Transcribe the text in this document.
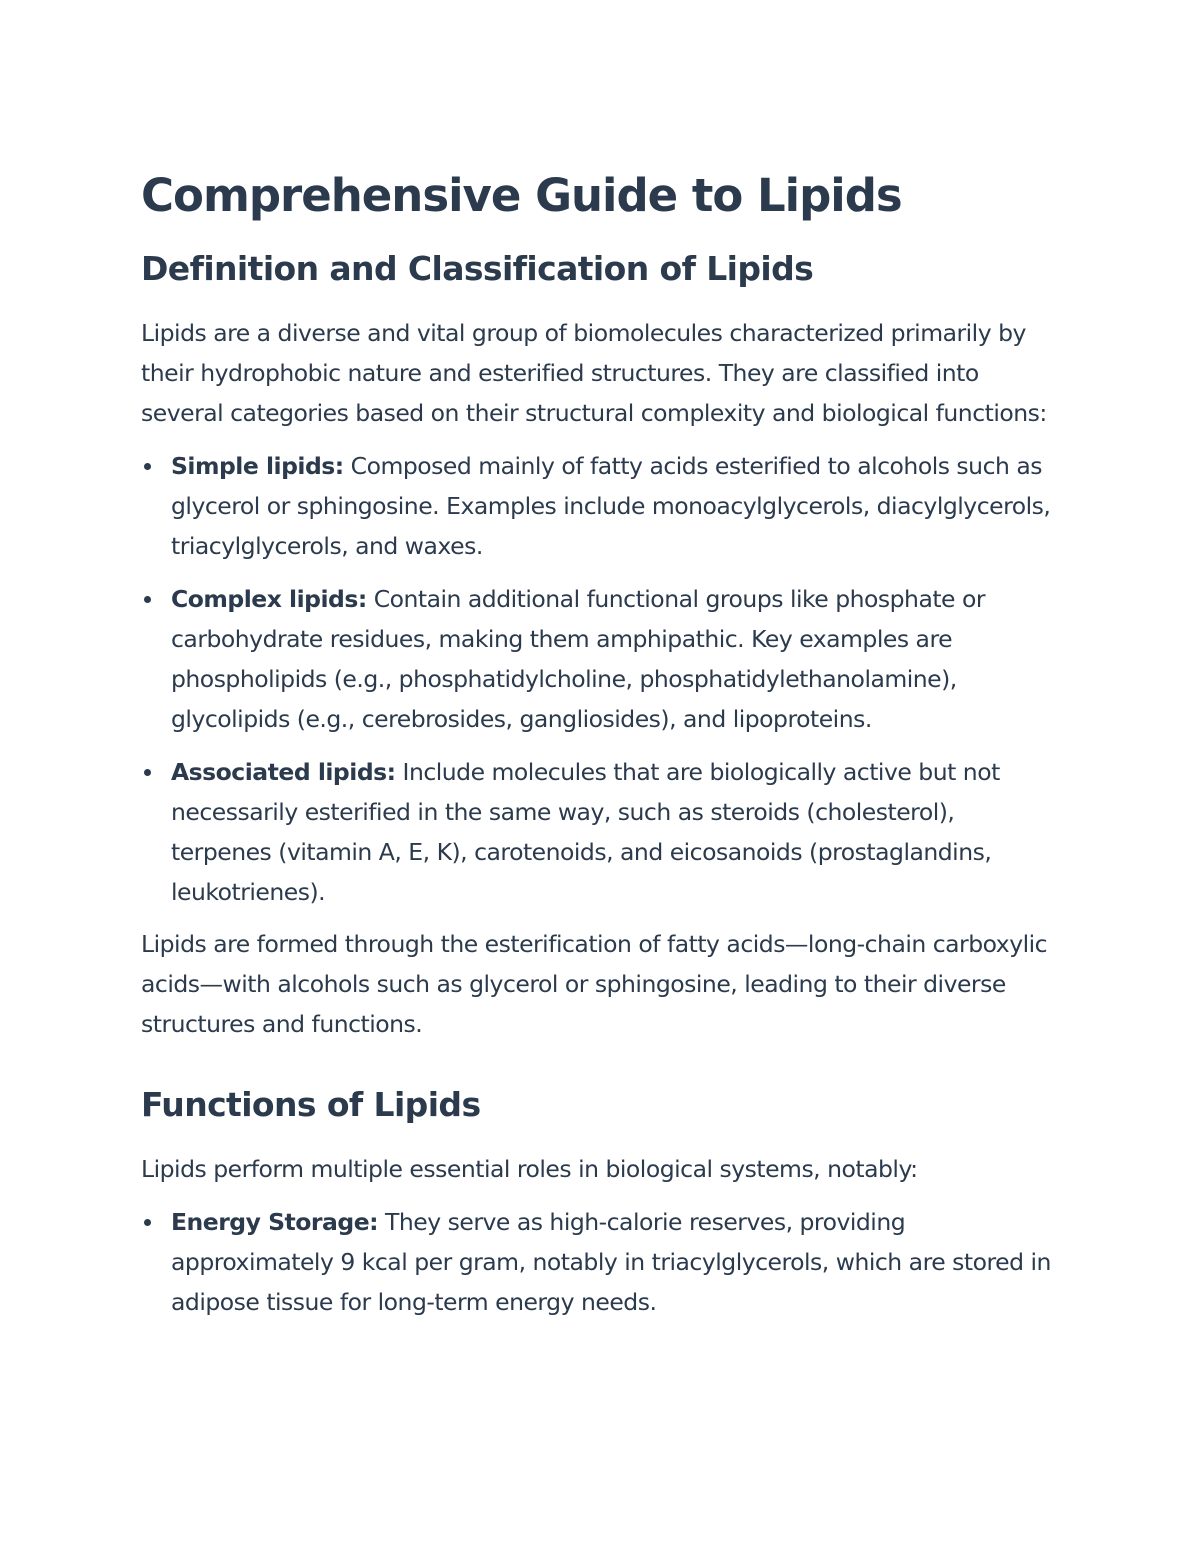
Comprehensive Guide to Lipids
Definition and Classification of Lipids

Lipids are a diverse and vital group of biomolecules characterized primarily by their hydrophobic nature and esterified structures. They are classified into several categories based on their structural complexity and biological functions:

Simple lipids: Composed mainly of fatty acids esterified to alcohols such as glycerol or sphingosine. Examples include monoacylglycerols, diacylglycerols, triacylglycerols, and waxes.
Complex lipids: Contain additional functional groups like phosphate or carbohydrate residues, making them amphipathic. Key examples are phospholipids (e.g., phosphatidylcholine, phosphatidylethanolamine), glycolipids (e.g., cerebrosides, gangliosides), and lipoproteins.
Associated lipids: Include molecules that are biologically active but not necessarily esterified in the same way, such as steroids (cholesterol), terpenes (vitamin A, E, K), carotenoids, and eicosanoids (prostaglandins, leukotrienes).

Lipids are formed through the esterification of fatty acids—long-chain carboxylic acids—with alcohols such as glycerol or sphingosine, leading to their diverse structures and functions.

Functions of Lipids

Lipids perform multiple essential roles in biological systems, notably:

Energy Storage: They serve as high-calorie reserves, providing approximately 9 kcal per gram, notably in triacylglycerols, which are stored in adipose tissue for long-term energy needs.
